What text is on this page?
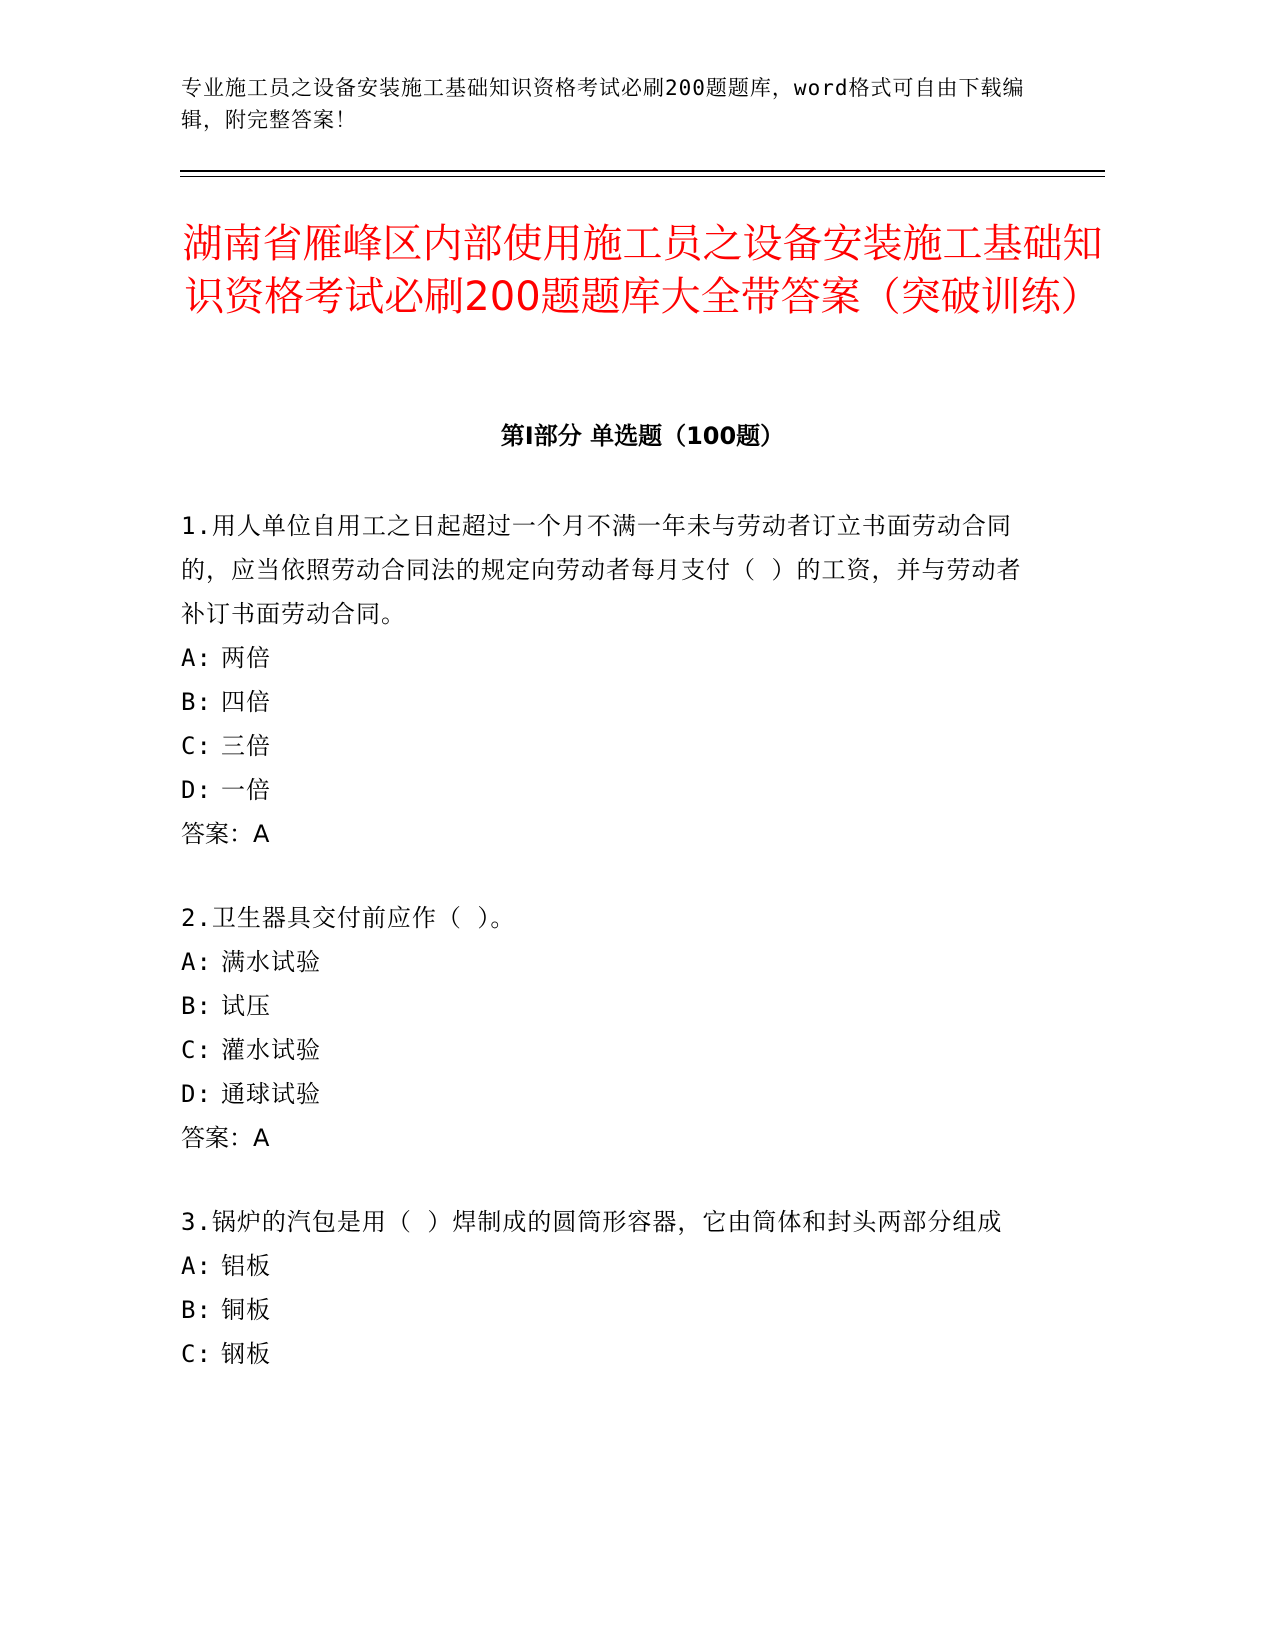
专业施工员之设备安装施工基础知识资格考试必刷200题题库，word格式可自由下载编辑，附完整答案！
湖南省雁峰区内部使用施工员之设备安装施工基础知识资格考试必刷200题题库大全带答案（突破训练）
第Ⅰ部分 单选题（100题）

1.用人单位自用工之日起超过一个月不满一年未与劳动者订立书面劳动合同的，应当依照劳动合同法的规定向劳动者每月支付（ ）的工资，并与劳动者补订书面劳动合同。

A: 两倍

B: 四倍

C: 三倍

D: 一倍

答案：A

2.卫生器具交付前应作（ ）。

A: 满水试验

B: 试压

C: 灌水试验

D: 通球试验

答案：A

3.锅炉的汽包是用（ ）焊制成的圆筒形容器，它由筒体和封头两部分组成

A: 铝板

B: 铜板

C: 钢板
